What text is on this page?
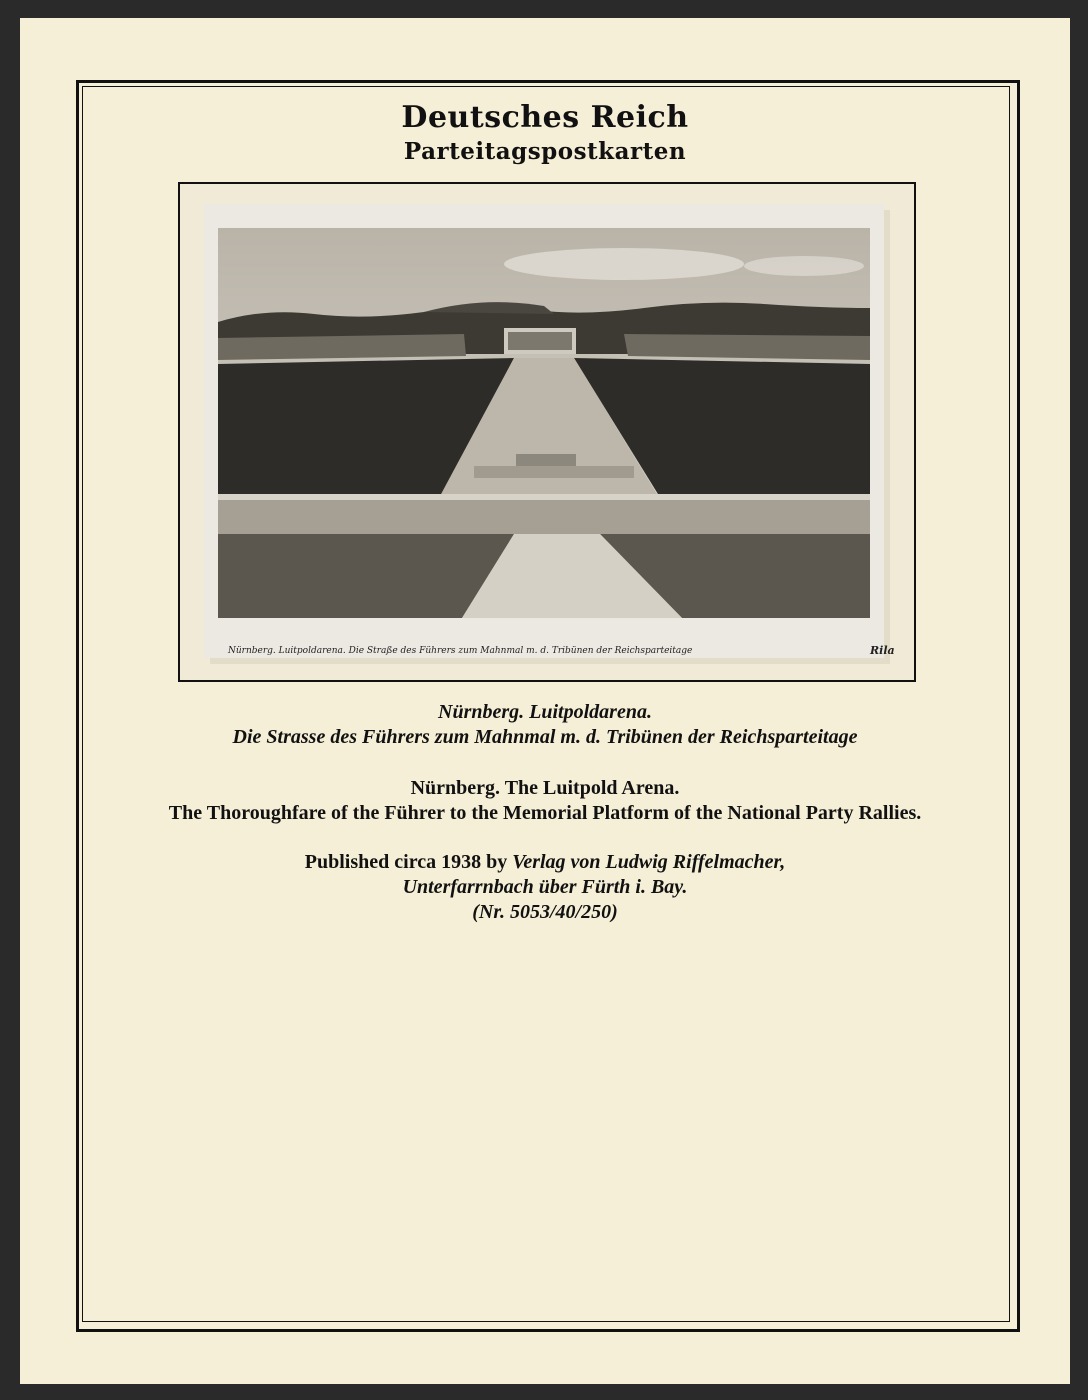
Deutsches Reich
Parteitagspostkarten
Nürnberg. Luitpoldarena. Die Straße des Führers zum Mahnmal m. d. Tribünen der Reichsparteitage	Rila
Nürnberg. Luitpoldarena.
Die Strasse des Führers zum Mahnmal m. d. Tribünen der Reichsparteitage
Nürnberg. The Luitpold Arena.
The Thoroughfare of the Führer to the Memorial Platform of the National Party Rallies.
Published circa 1938 by Verlag von Ludwig Riffelmacher,
Unterfarrnbach über Fürth i. Bay.
(Nr. 5053/40/250)
